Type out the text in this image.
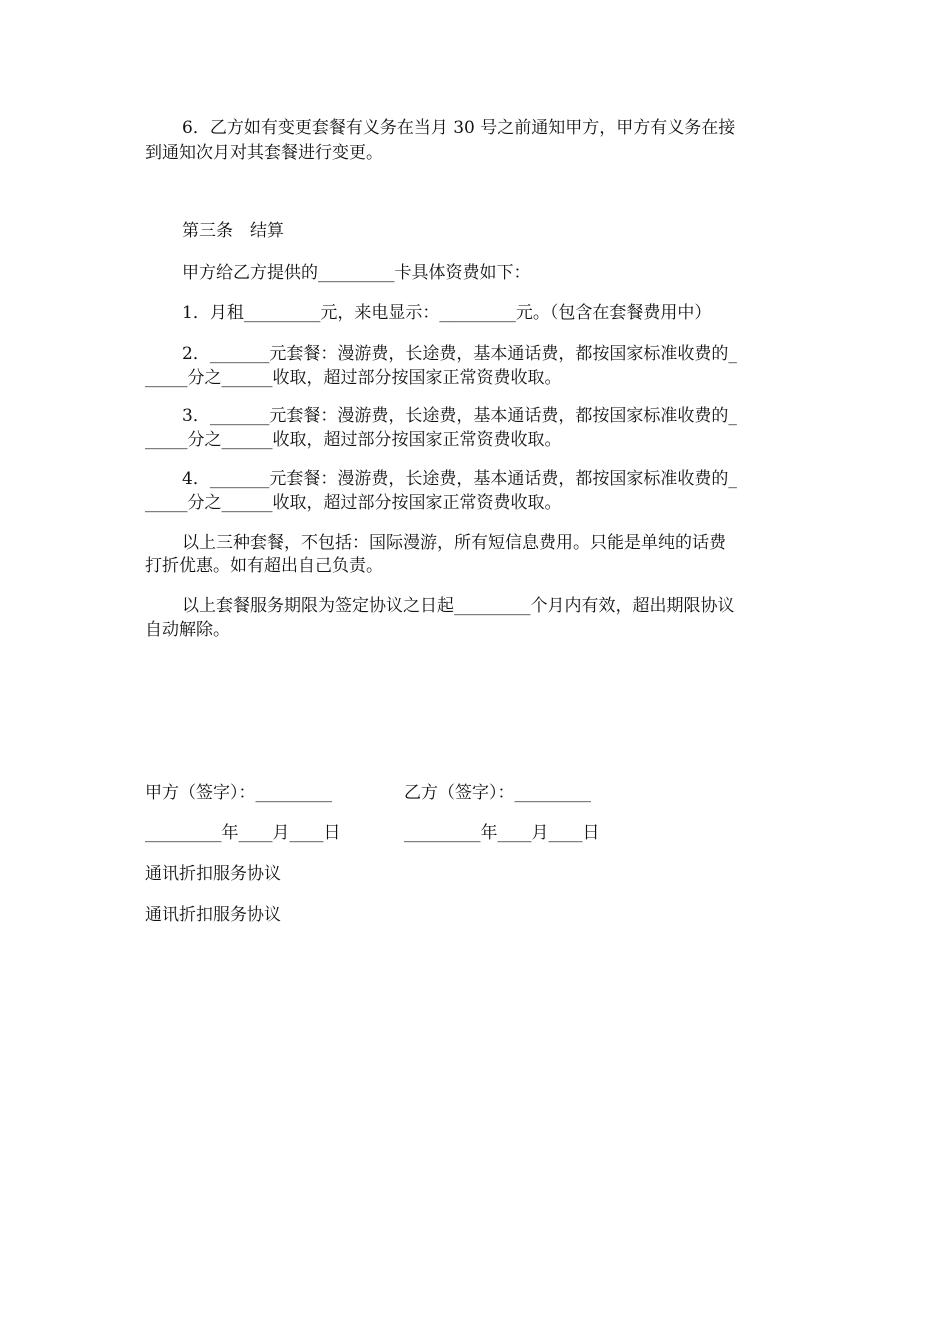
6．乙方如有变更套餐有义务在当月 30 号之前通知甲方，甲方有义务在接
到通知次月对其套餐进行变更。
第三条　结算
甲方给乙方提供的_________卡具体资费如下：
1．月租_________元，来电显示：_________元。（包含在套餐费用中）
2．_______元套餐：漫游费，长途费，基本通话费，都按国家标准收费的_
_____分之______收取，超过部分按国家正常资费收取。
3．_______元套餐：漫游费，长途费，基本通话费，都按国家标准收费的_
_____分之______收取，超过部分按国家正常资费收取。
4．_______元套餐：漫游费，长途费，基本通话费，都按国家标准收费的_
_____分之______收取，超过部分按国家正常资费收取。
以上三种套餐，不包括：国际漫游，所有短信息费用。只能是单纯的话费
打折优惠。如有超出自己负责。
以上套餐服务期限为签定协议之日起_________个月内有效，超出期限协议
自动解除。
甲方（签字）：_________	乙方（签字）：_________
_________年____月____日	_________年____月____日
通讯折扣服务协议
通讯折扣服务协议
